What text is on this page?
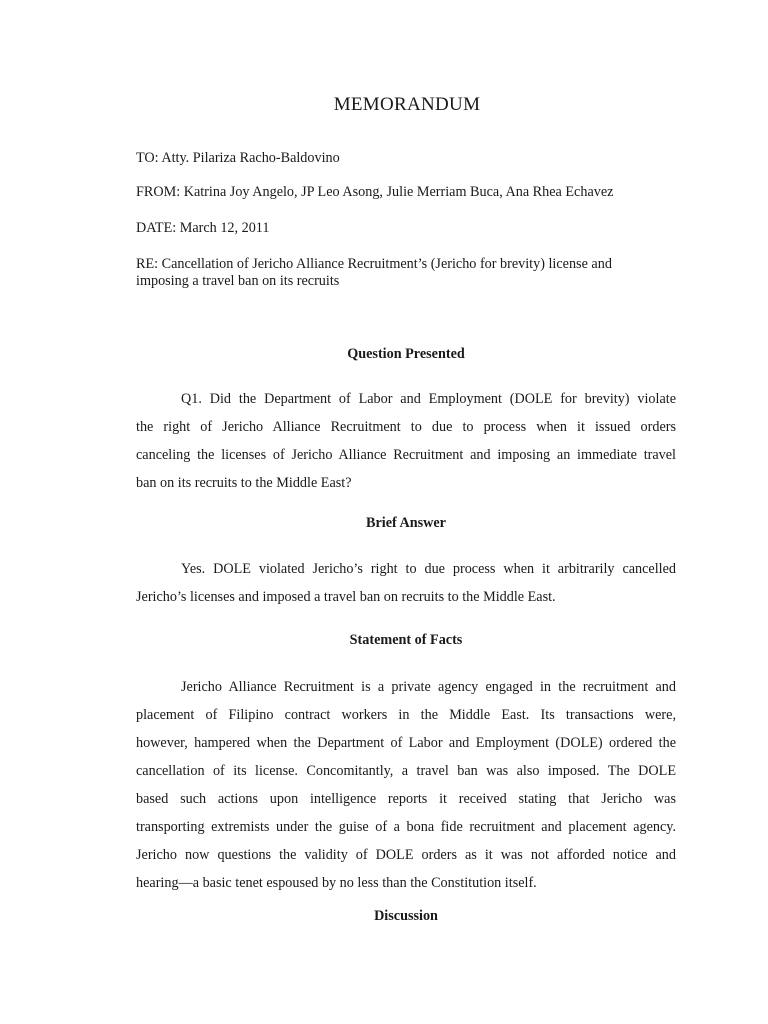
MEMORANDUM

TO: Atty. Pilariza Racho-Baldovino

FROM: Katrina Joy Angelo, JP Leo Asong, Julie Merriam Buca, Ana Rhea Echavez

DATE: March 12, 2011

RE: Cancellation of Jericho Alliance Recruitment’s (Jericho for brevity) license and
imposing a travel ban on its recruits
Question Presented
Q1. Did the Department of Labor and Employment (DOLE for brevity) violate
the right of Jericho Alliance Recruitment to due to process when it issued orders
canceling the licenses of Jericho Alliance Recruitment and imposing an immediate travel
ban on its recruits to the Middle East?
Brief Answer
Yes. DOLE violated Jericho’s right to due process when it arbitrarily cancelled
Jericho’s licenses and imposed a travel ban on recruits to the Middle East.
Statement of Facts
Jericho Alliance Recruitment is a private agency engaged in the recruitment and
placement of Filipino contract workers in the Middle East. Its transactions were,
however, hampered when the Department of Labor and Employment (DOLE) ordered the
cancellation of its license. Concomitantly, a travel ban was also imposed. The DOLE
based such actions upon intelligence reports it received stating that Jericho was
transporting extremists under the guise of a bona fide recruitment and placement agency.
Jericho now questions the validity of DOLE orders as it was not afforded notice and
hearing—a basic tenet espoused by no less than the Constitution itself.
Discussion
